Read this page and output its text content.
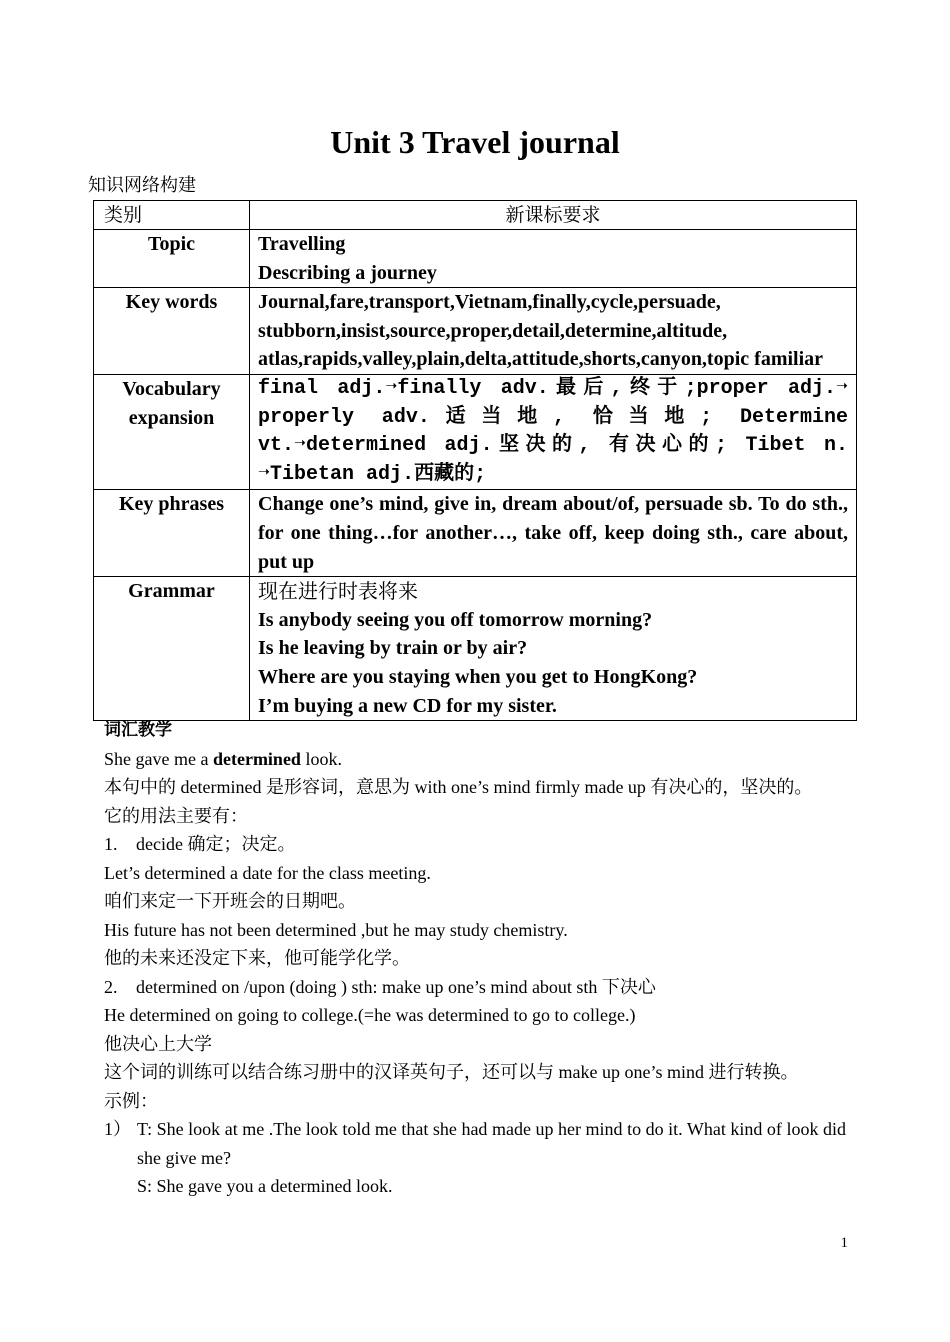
Unit 3 Travel journal
知识网络构建
类别	新课标要求
Topic	Travelling
Describing a journey

Key words	Journal,fare,transport,Vietnam,finally,cycle,persuade, stubborn,insist,source,proper,detail,determine,altitude, atlas,rapids,valley,plain,delta,attitude,shorts,canyon,topic familiar
Vocabulary expansion	final adj.➝finally adv.最后,终于;proper adj.➝ properly adv.适当地, 恰当地; Determine vt.➝determined adj.坚决的, 有决心的; Tibet n. ➝Tibetan adj.西藏的;
Key phrases	Change one’s mind, give in, dream about/of, persuade sb. To do sth., for one thing…for another…, take off, keep doing sth., care about, put up
Grammar	现在进行时表将来
Is anybody seeing you off tomorrow morning?
Is he leaving by train or by air?
Where are you staying when you get to HongKong?
I’m buying a new CD for my sister.
词汇教学
She gave me a determined look.
本句中的 determined 是形容词，意思为 with one’s mind firmly made up 有决心的，坚决的。
它的用法主要有：
1. decide 确定；决定。
Let’s determined a date for the class meeting.
咱们来定一下开班会的日期吧。
His future has not been determined ,but he may study chemistry.
他的未来还没定下来，他可能学化学。
2. determined on /upon (doing ) sth: make up one’s mind about sth 下决心
He determined on going to college.(=he was determined to go to college.)
他决心上大学
这个词的训练可以结合练习册中的汉译英句子，还可以与 make up one’s mind 进行转换。
示例：
1） T: She look at me .The look told me that she had made up her mind to do it. What kind of look did she give me?
S: She gave you a determined look.
1
